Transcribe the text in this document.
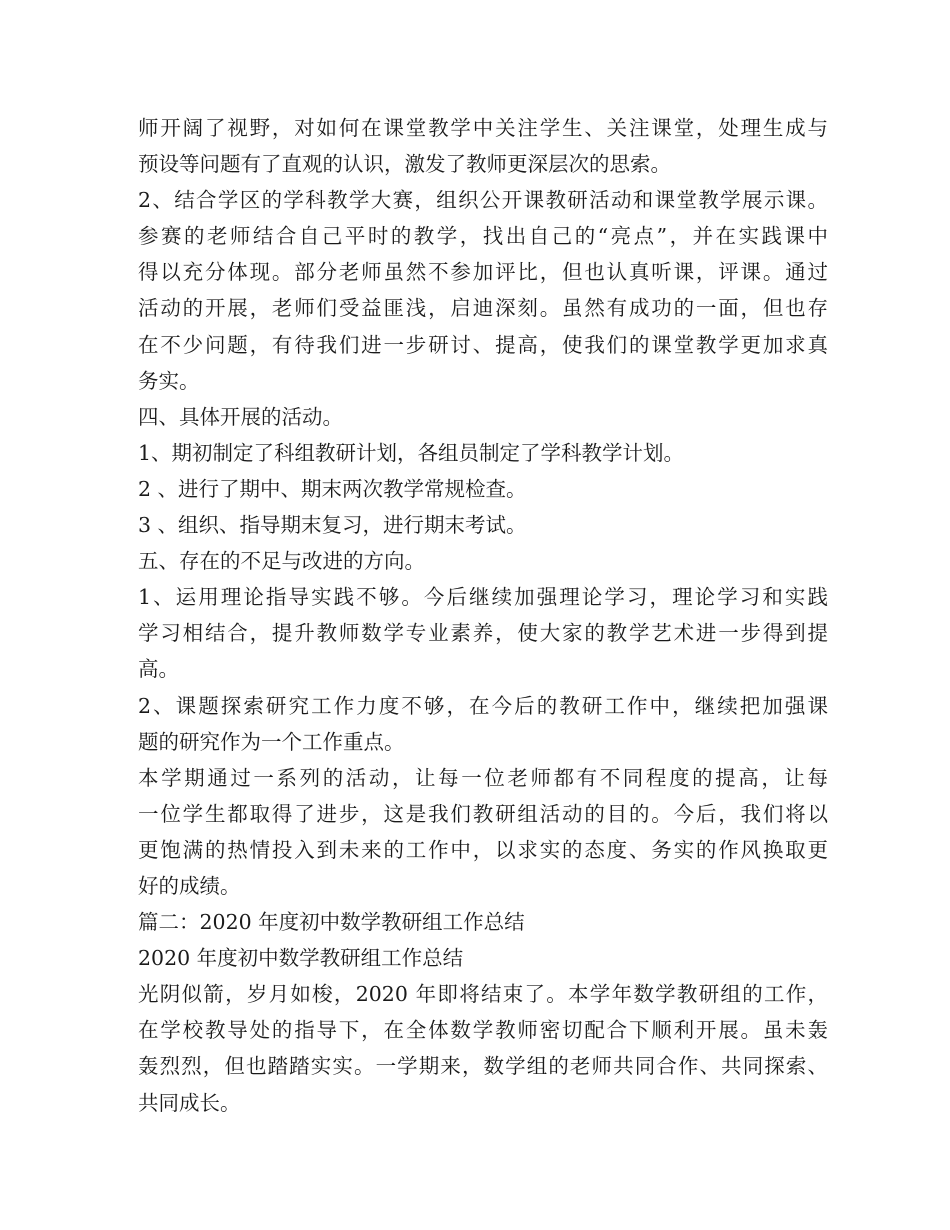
师开阔了视野，对如何在课堂教学中关注学生、关注课堂，处理生成与
预设等问题有了直观的认识，激发了教师更深层次的思索。
2、结合学区的学科教学大赛，组织公开课教研活动和课堂教学展示课。
参赛的老师结合自己平时的教学，找出自己的“亮点”，并在实践课中
得以充分体现。部分老师虽然不参加评比，但也认真听课，评课。通过
活动的开展，老师们受益匪浅，启迪深刻。虽然有成功的一面，但也存
在不少问题，有待我们进一步研讨、提高，使我们的课堂教学更加求真
务实。
四、具体开展的活动。
1、期初制定了科组教研计划，各组员制定了学科教学计划。
2 、进行了期中、期末两次教学常规检查。
3 、组织、指导期末复习，进行期末考试。
五、存在的不足与改进的方向。
1、运用理论指导实践不够。今后继续加强理论学习，理论学习和实践
学习相结合，提升教师数学专业素养，使大家的教学艺术进一步得到提
高。
2、课题探索研究工作力度不够，在今后的教研工作中，继续把加强课
题的研究作为一个工作重点。
本学期通过一系列的活动，让每一位老师都有不同程度的提高，让每
一位学生都取得了进步，这是我们教研组活动的目的。今后，我们将以
更饱满的热情投入到未来的工作中，以求实的态度、务实的作风换取更
好的成绩。
篇二：2020 年度初中数学教研组工作总结
2020 年度初中数学教研组工作总结
光阴似箭，岁月如梭，2020 年即将结束了。本学年数学教研组的工作，
在学校教导处的指导下，在全体数学教师密切配合下顺利开展。虽未轰
轰烈烈，但也踏踏实实。一学期来，数学组的老师共同合作、共同探索、
共同成长。
